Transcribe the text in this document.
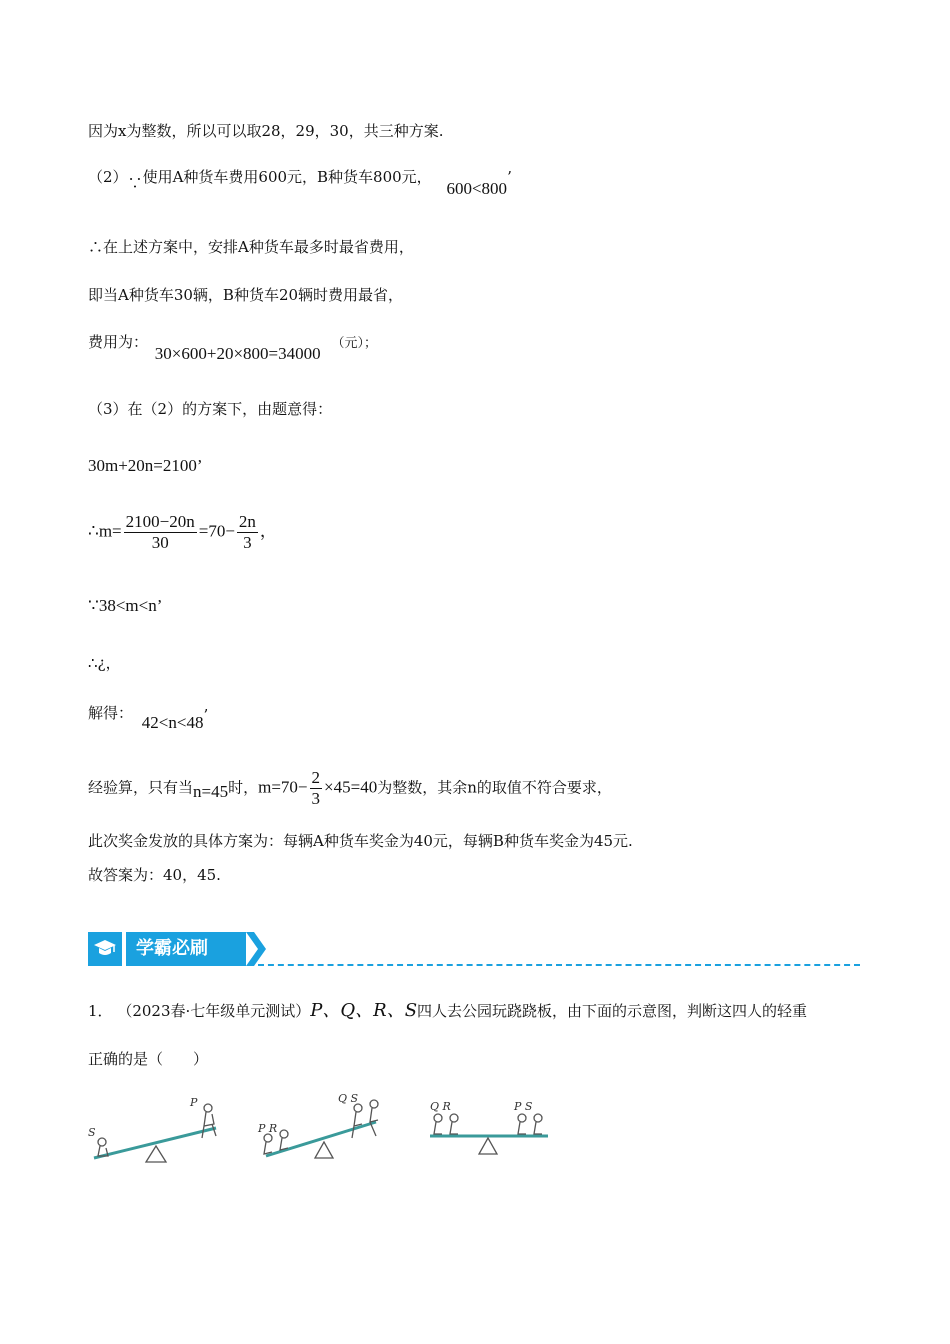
因为x为整数，所以可以取28，29，30，共三种方案.
（2）∵使用A种货车费用600元，B种货车800元， 600<800’
∴在上述方案中，安排A种货车最多时最省费用，
即当A种货车30辆，B种货车20辆时费用最省，
费用为： 30×600+20×800=34000 （元）；
（3）在（2）的方案下，由题意得：
30m+20n=2100’
∴m= $\frac{2100-20n}{30} =70- \frac{2n}{3}$ ，
∵38<m<n’
∴¿，
解得： 42<n<48’
经验算，只有当n=45时，$m=70- \frac{2}{3} \times 45=40$为整数，其余n的取值不符合要求，
此次奖金发放的具体方案为：每辆A种货车奖金为40元，每辆B种货车奖金为45元.
故答案为：40，45.
学霸必刷
1． （2023春·七年级单元测试）P、Q、R、S四人去公园玩跷跷板，由下面的示意图，判断这四人的轻重
正确的是（　　）
S
P
P R
Q S
Q R	P S
